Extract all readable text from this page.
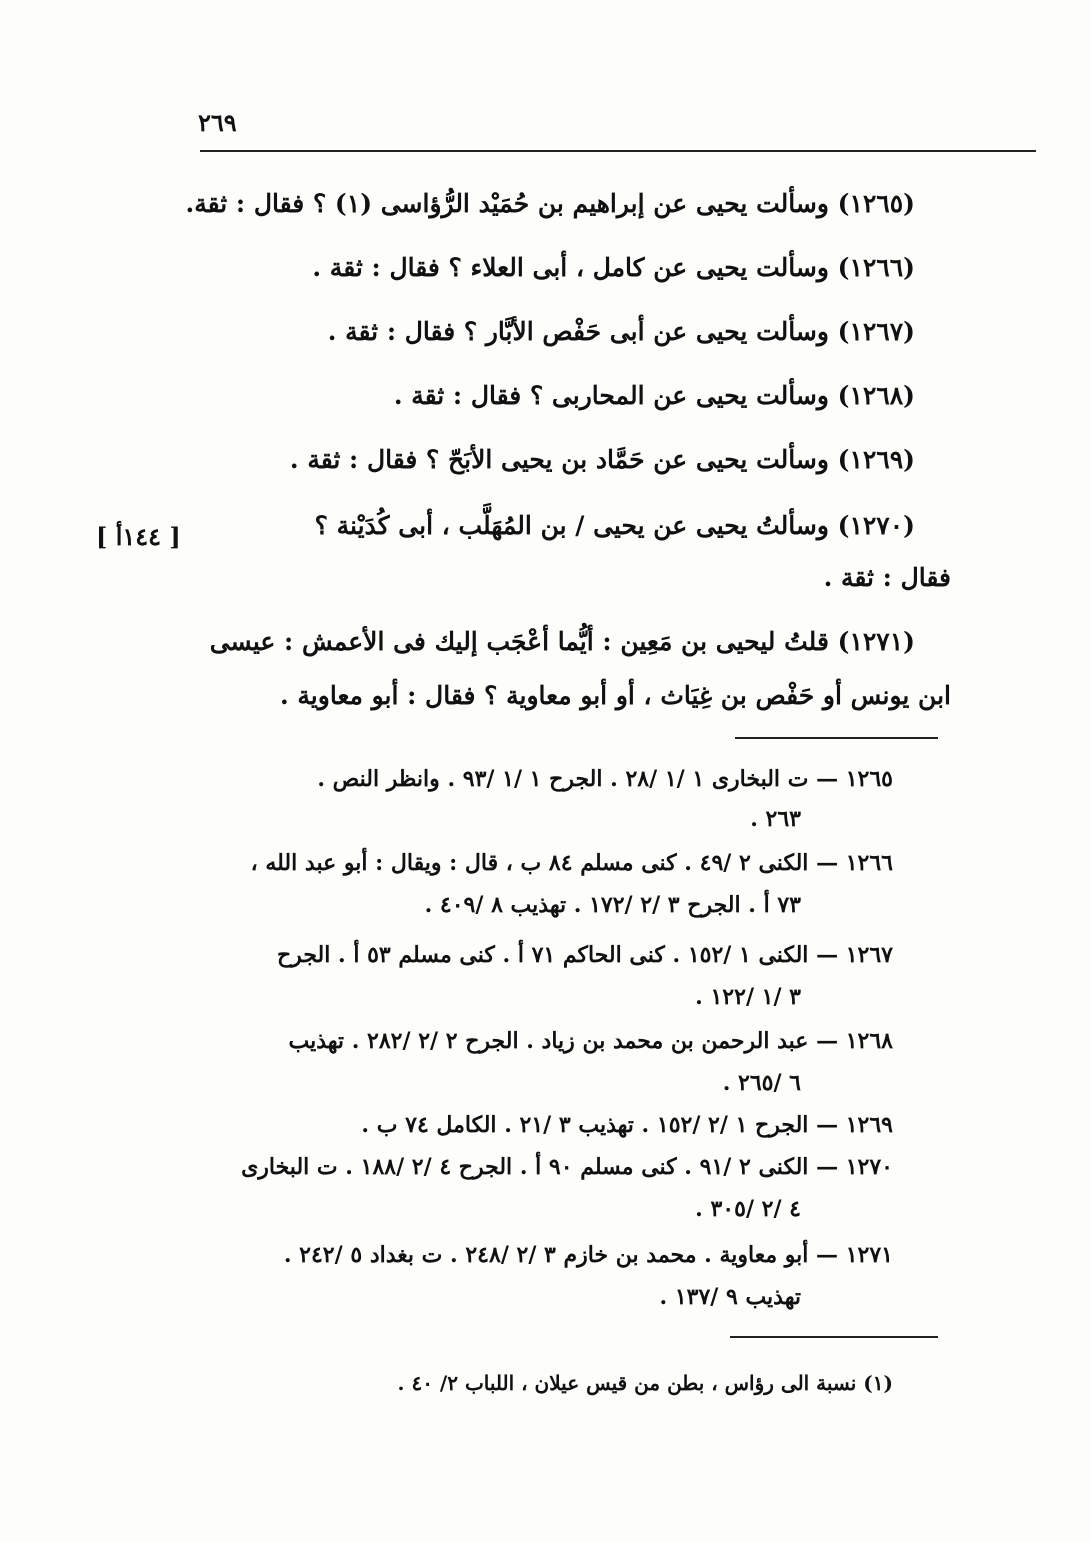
٢٦٩
(١٢٦٥) وسألت يحيى عن إبراهيم بن حُمَيْد الرُّؤاسى (١) ؟ فقال : ثقة.
(١٢٦٦) وسألت يحيى عن كامل ، أبى العلاء ؟ فقال : ثقة .
(١٢٦٧) وسألت يحيى عن أبى حَفْص الأبَّار ؟ فقال : ثقة .
(١٢٦٨) وسألت يحيى عن المحاربى ؟ فقال : ثقة .
(١٢٦٩) وسألت يحيى عن حَمَّاد بن يحيى الأبَحّ ؟ فقال : ثقة .
(١٢٧٠) وسألتُ يحيى عن يحيى / بن المُهَلَّب ، أبى كُدَيْنة ؟
فقال : ثقة .
[ ١٤٤أ ]
(١٢٧١) قلتُ ليحيى بن مَعِين : أيُّما أعْجَب إليك فى الأعمش : عيسى
ابن يونس أو حَفْص بن غِيَاث ، أو أبو معاوية ؟ فقال : أبو معاوية .
١٢٦٥ — ت البخارى ١ /١ /٢٨ . الجرح ١ /١ /٩٣ . وانظر النص .
٢٦٣ .
١٢٦٦ — الكنى ٢ /٤٩ . كنى مسلم ٨٤ ب ، قال : ويقال : أبو عبد الله ،
٧٣ أ . الجرح ٣ /٢ /١٧٢ . تهذيب ٨ /٤٠٩ .
١٢٦٧ — الكنى ١ /١٥٢ . كنى الحاكم ٧١ أ . كنى مسلم ٥٣ أ . الجرح
٣ /١ /١٢٢ .
١٢٦٨ — عبد الرحمن بن محمد بن زياد . الجرح ٢ /٢ /٢٨٢ . تهذيب
٦ /٢٦٥ .
١٢٦٩ — الجرح ١ /٢ /١٥٢ . تهذيب ٣ /٢١ . الكامل ٧٤ ب .
١٢٧٠ — الكنى ٢ /٩١ . كنى مسلم ٩٠ أ . الجرح ٤ /٢ /١٨٨ . ت البخارى
٤ /٢ /٣٠٥ .
١٢٧١ — أبو معاوية . محمد بن خازم ٣ /٢ /٢٤٨ . ت بغداد ٥ /٢٤٢ .
تهذيب ٩ /١٣٧ .
(١) نسبة الى رؤاس ، بطن من قيس عيلان ، اللباب ٢/ ٤٠ .
